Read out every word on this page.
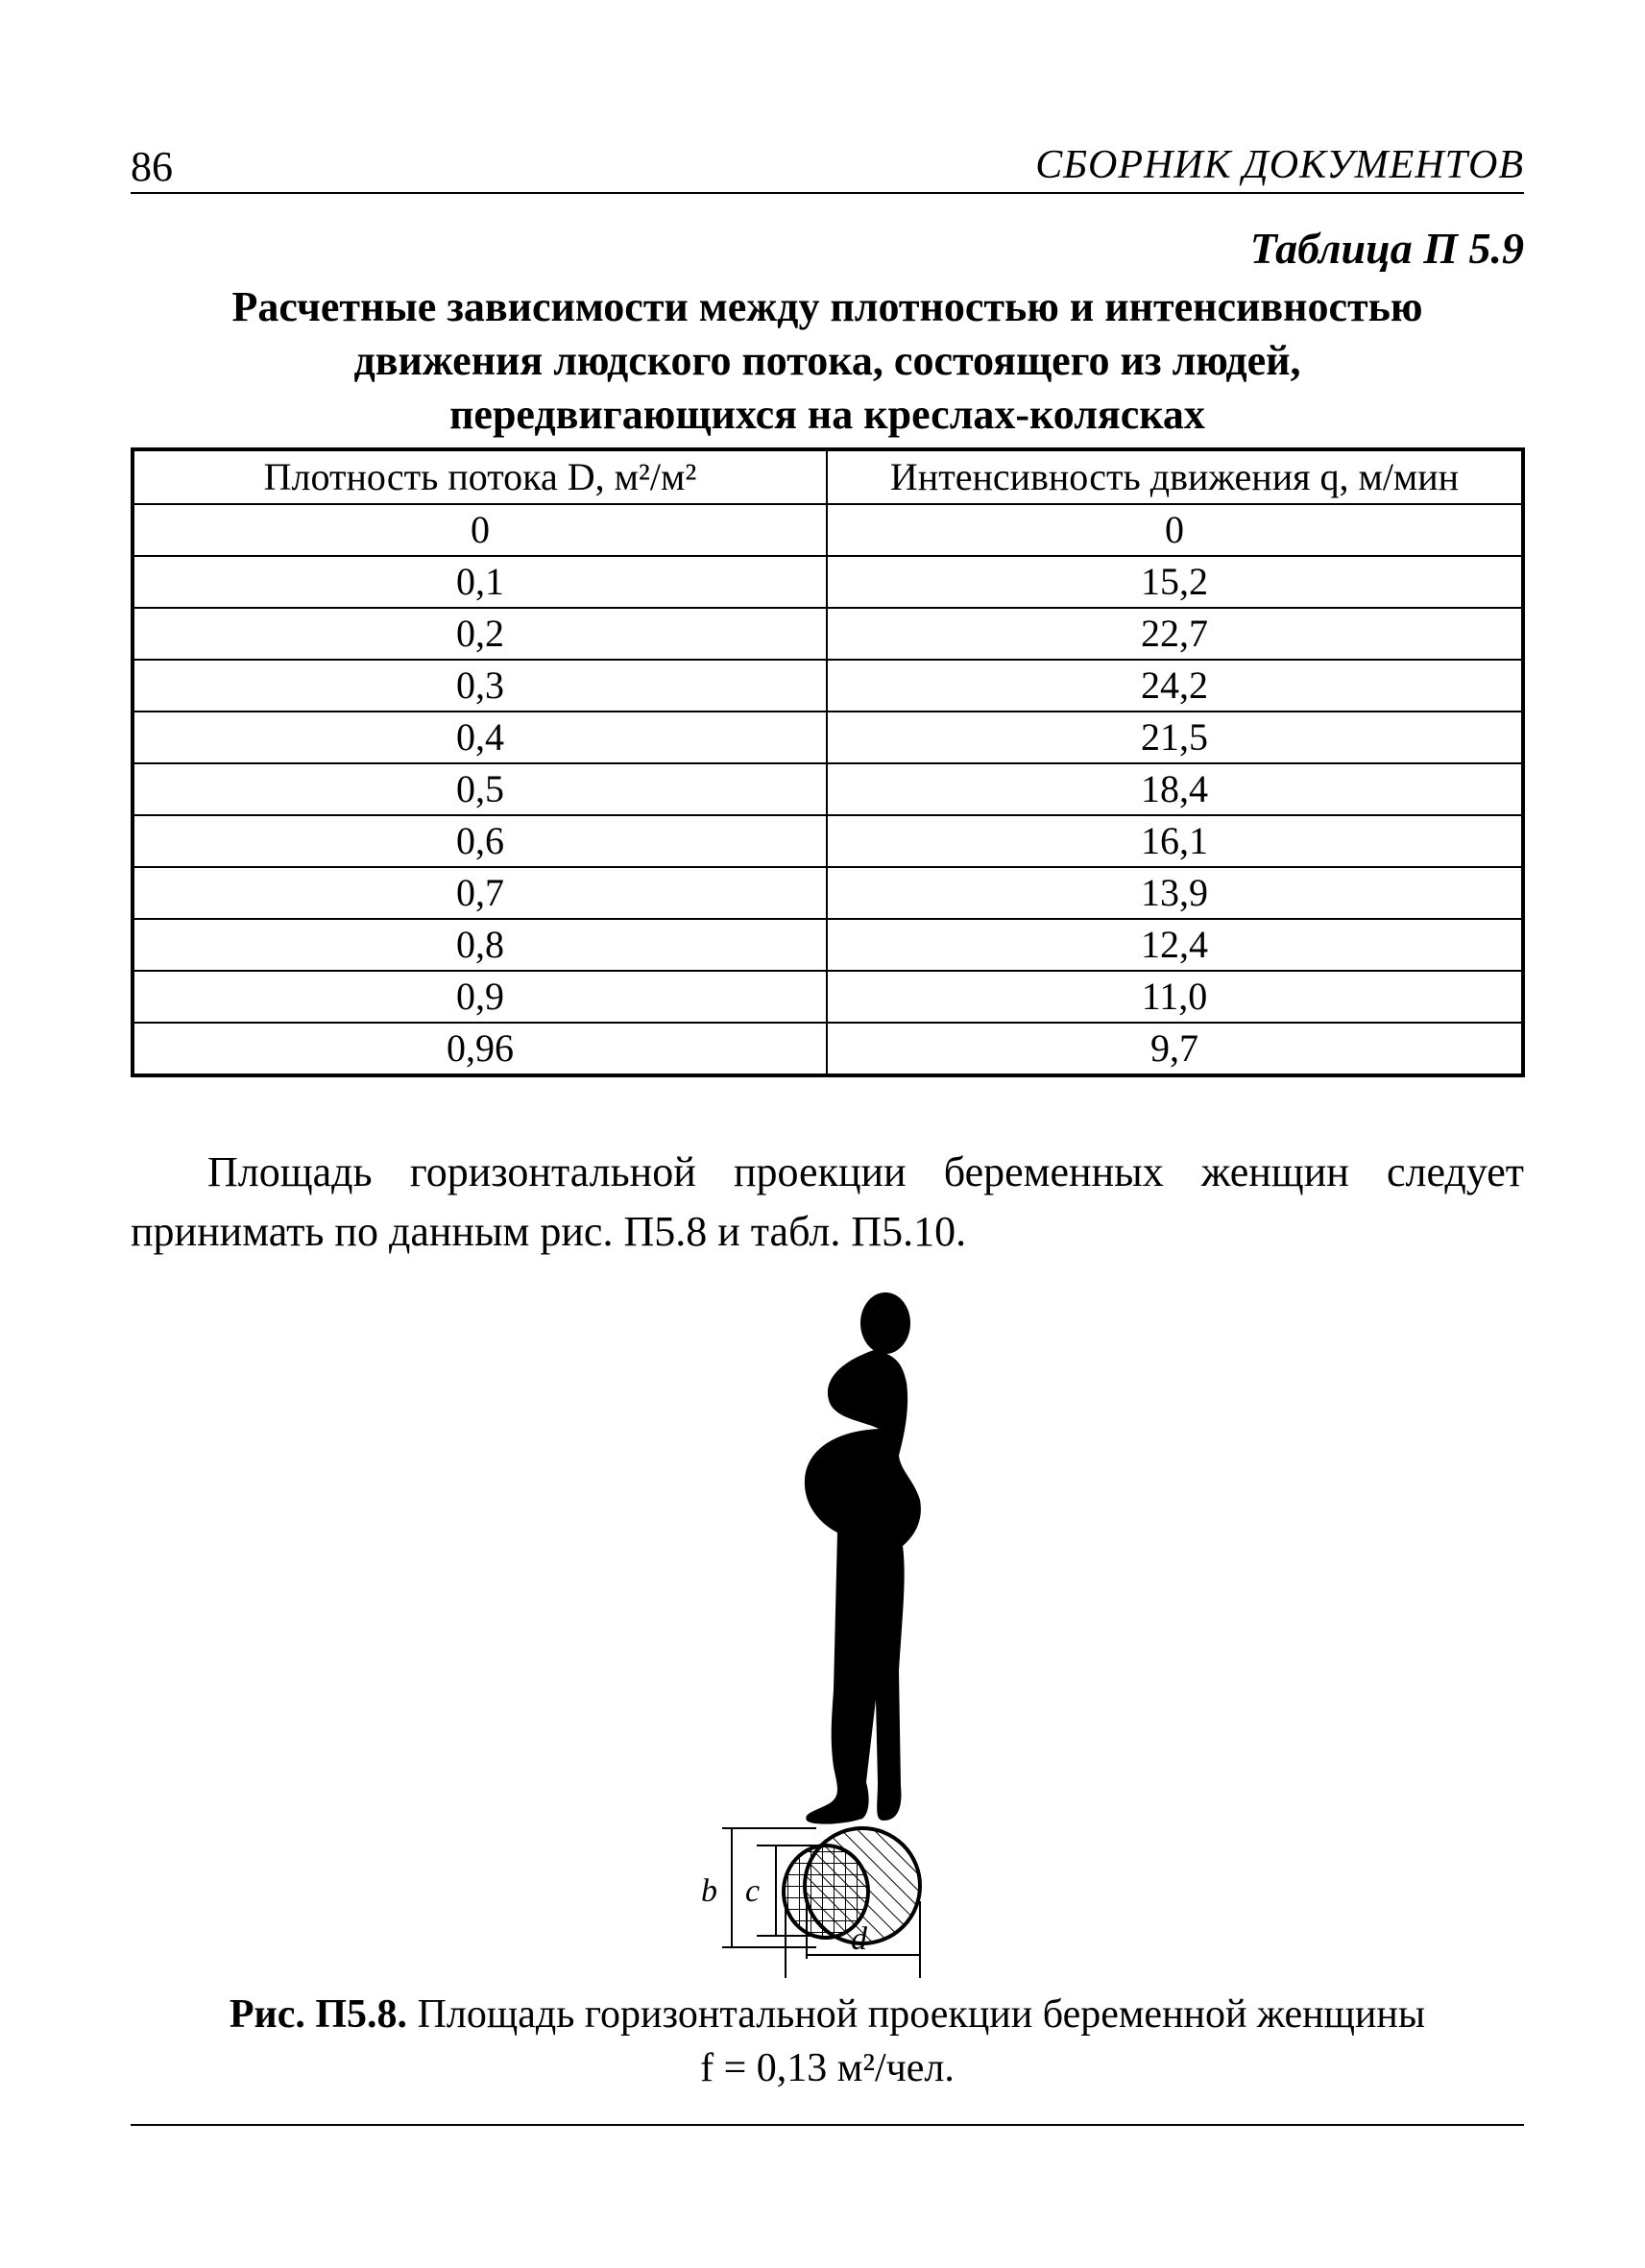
86	СБОРНИК ДОКУМЕНТОВ
Таблица П 5.9
Расчетные зависимости между плотностью и интенсивностью
движения людского потока, состоящего из людей,
передвигающихся на креслах-колясках
Плотность потока D, м²/м²	Интенсивность движения q, м/мин
0	0
0,1	15,2
0,2	22,7
0,3	24,2
0,4	21,5
0,5	18,4
0,6	16,1
0,7	13,9
0,8	12,4
0,9	11,0
0,96	9,7
Площадь горизонтальной проекции беременных женщин следует принимать по данным рис. П5.8 и табл. П5.10.
b c
d
Рис. П5.8. Площадь горизонтальной проекции беременной женщины
f = 0,13 м²/чел.
